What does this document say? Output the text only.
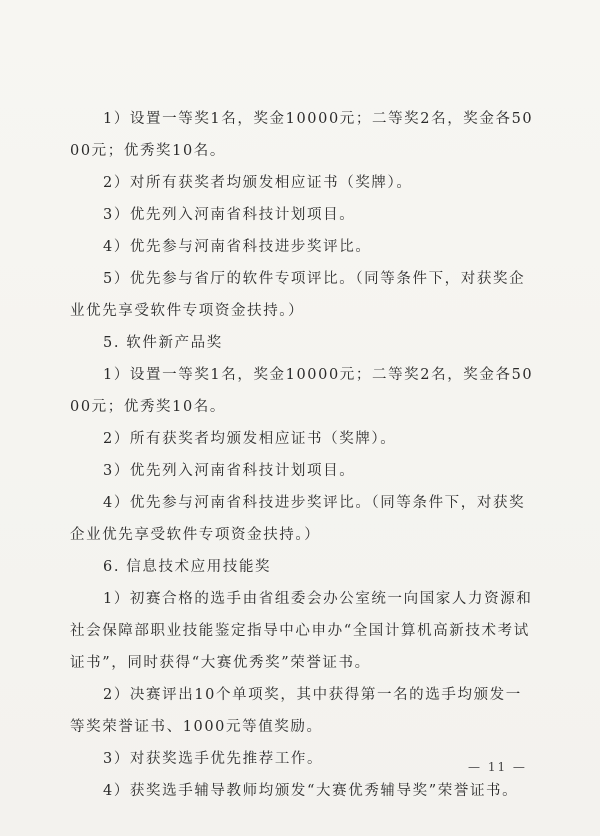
1）设置一等奖1名，奖金10000元；二等奖2名，奖金各5000元；优秀奖10名。

2）对所有获奖者均颁发相应证书（奖牌）。

3）优先列入河南省科技计划项目。

4）优先参与河南省科技进步奖评比。

5）优先参与省厅的软件专项评比。（同等条件下，对获奖企业优先享受软件专项资金扶持。）

5. 软件新产品奖

1）设置一等奖1名，奖金10000元；二等奖2名，奖金各5000元；优秀奖10名。

2）所有获奖者均颁发相应证书（奖牌）。

3）优先列入河南省科技计划项目。

4）优先参与河南省科技进步奖评比。（同等条件下，对获奖企业优先享受软件专项资金扶持。）

6. 信息技术应用技能奖

1）初赛合格的选手由省组委会办公室统一向国家人力资源和社会保障部职业技能鉴定指导中心申办“全国计算机高新技术考试证书”，同时获得“大赛优秀奖”荣誉证书。

2）决赛评出10个单项奖，其中获得第一名的选手均颁发一等奖荣誉证书、1000元等值奖励。

3）对获奖选手优先推荐工作。

4）获奖选手辅导教师均颁发“大赛优秀辅导奖”荣誉证书。

— 11 —
